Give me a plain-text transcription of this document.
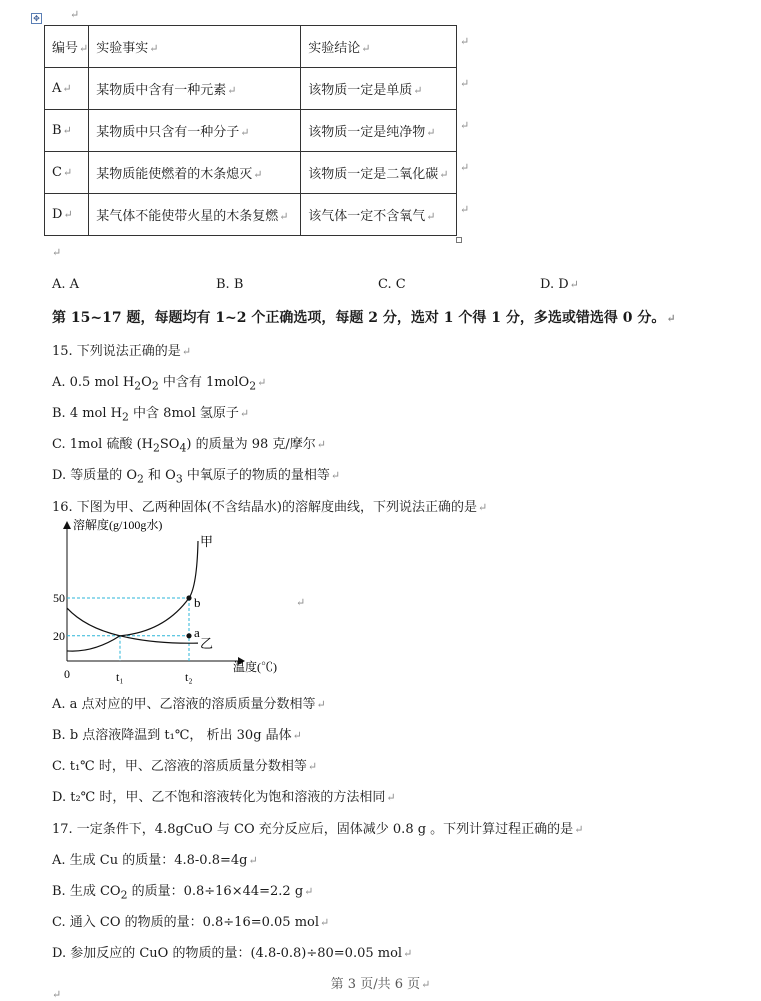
↵
✥
编号↵	实验事实↵	实验结论↵
A↵	某物质中含有一种元素↵	该物质一定是单质↵
B↵	某物质中只含有一种分子↵	该物质一定是纯净物↵
C↵	某物质能使燃着的木条熄灭↵	该物质一定是二氧化碳↵
D↵	某气体不能使带火星的木条复燃↵	该气体一定不含氧气↵
↵
↵
↵
↵
↵
↵
A. A	B. B	C. C	D. D↵
第 15~17 题，每题均有 1~2 个正确选项，每题 2 分，选对 1 个得 1 分，多选或错选得 0 分。↵
15. 下列说法正确的是↵
A. 0.5 mol $H_2O_2$ 中含有 1molO$_2$↵
B. 4 mol $H_2$ 中含 8mol 氢原子↵
C. 1mol 硫酸 $(H_2SO_4)$ 的质量为 98 克/摩尔↵
D. 等质量的 $O_2$ 和 $O_3$ 中氧原子的物质的量相等↵
16. 下图为甲、乙两种固体(不含结晶水)的溶解度曲线，下列说法正确的是↵
溶解度(g/100g水)
温度(℃)
0
20
50
t₁	t₂
甲
乙
a
b	↵
A. a 点对应的甲、乙溶液的溶质质量分数相等↵
B. b 点溶液降温到 t₁℃， 析出 30g 晶体↵
C. t₁℃ 时，甲、乙溶液的溶质质量分数相等↵
D. t₂℃ 时，甲、乙不饱和溶液转化为饱和溶液的方法相同↵
17. 一定条件下，4.8gCuO 与 CO 充分反应后，固体减少 0.8 g 。下列计算过程正确的是↵
A. 生成 Cu 的质量：4.8-0.8=4g↵
B. 生成 $CO_2$ 的质量：0.8÷16×44=2.2 g↵
C. 通入 CO 的物质的量：0.8÷16=0.05 mol↵
D. 参加反应的 CuO 的物质的量：(4.8-0.8)÷80=0.05 mol↵
第 3 页/共 6 页↵
↵
